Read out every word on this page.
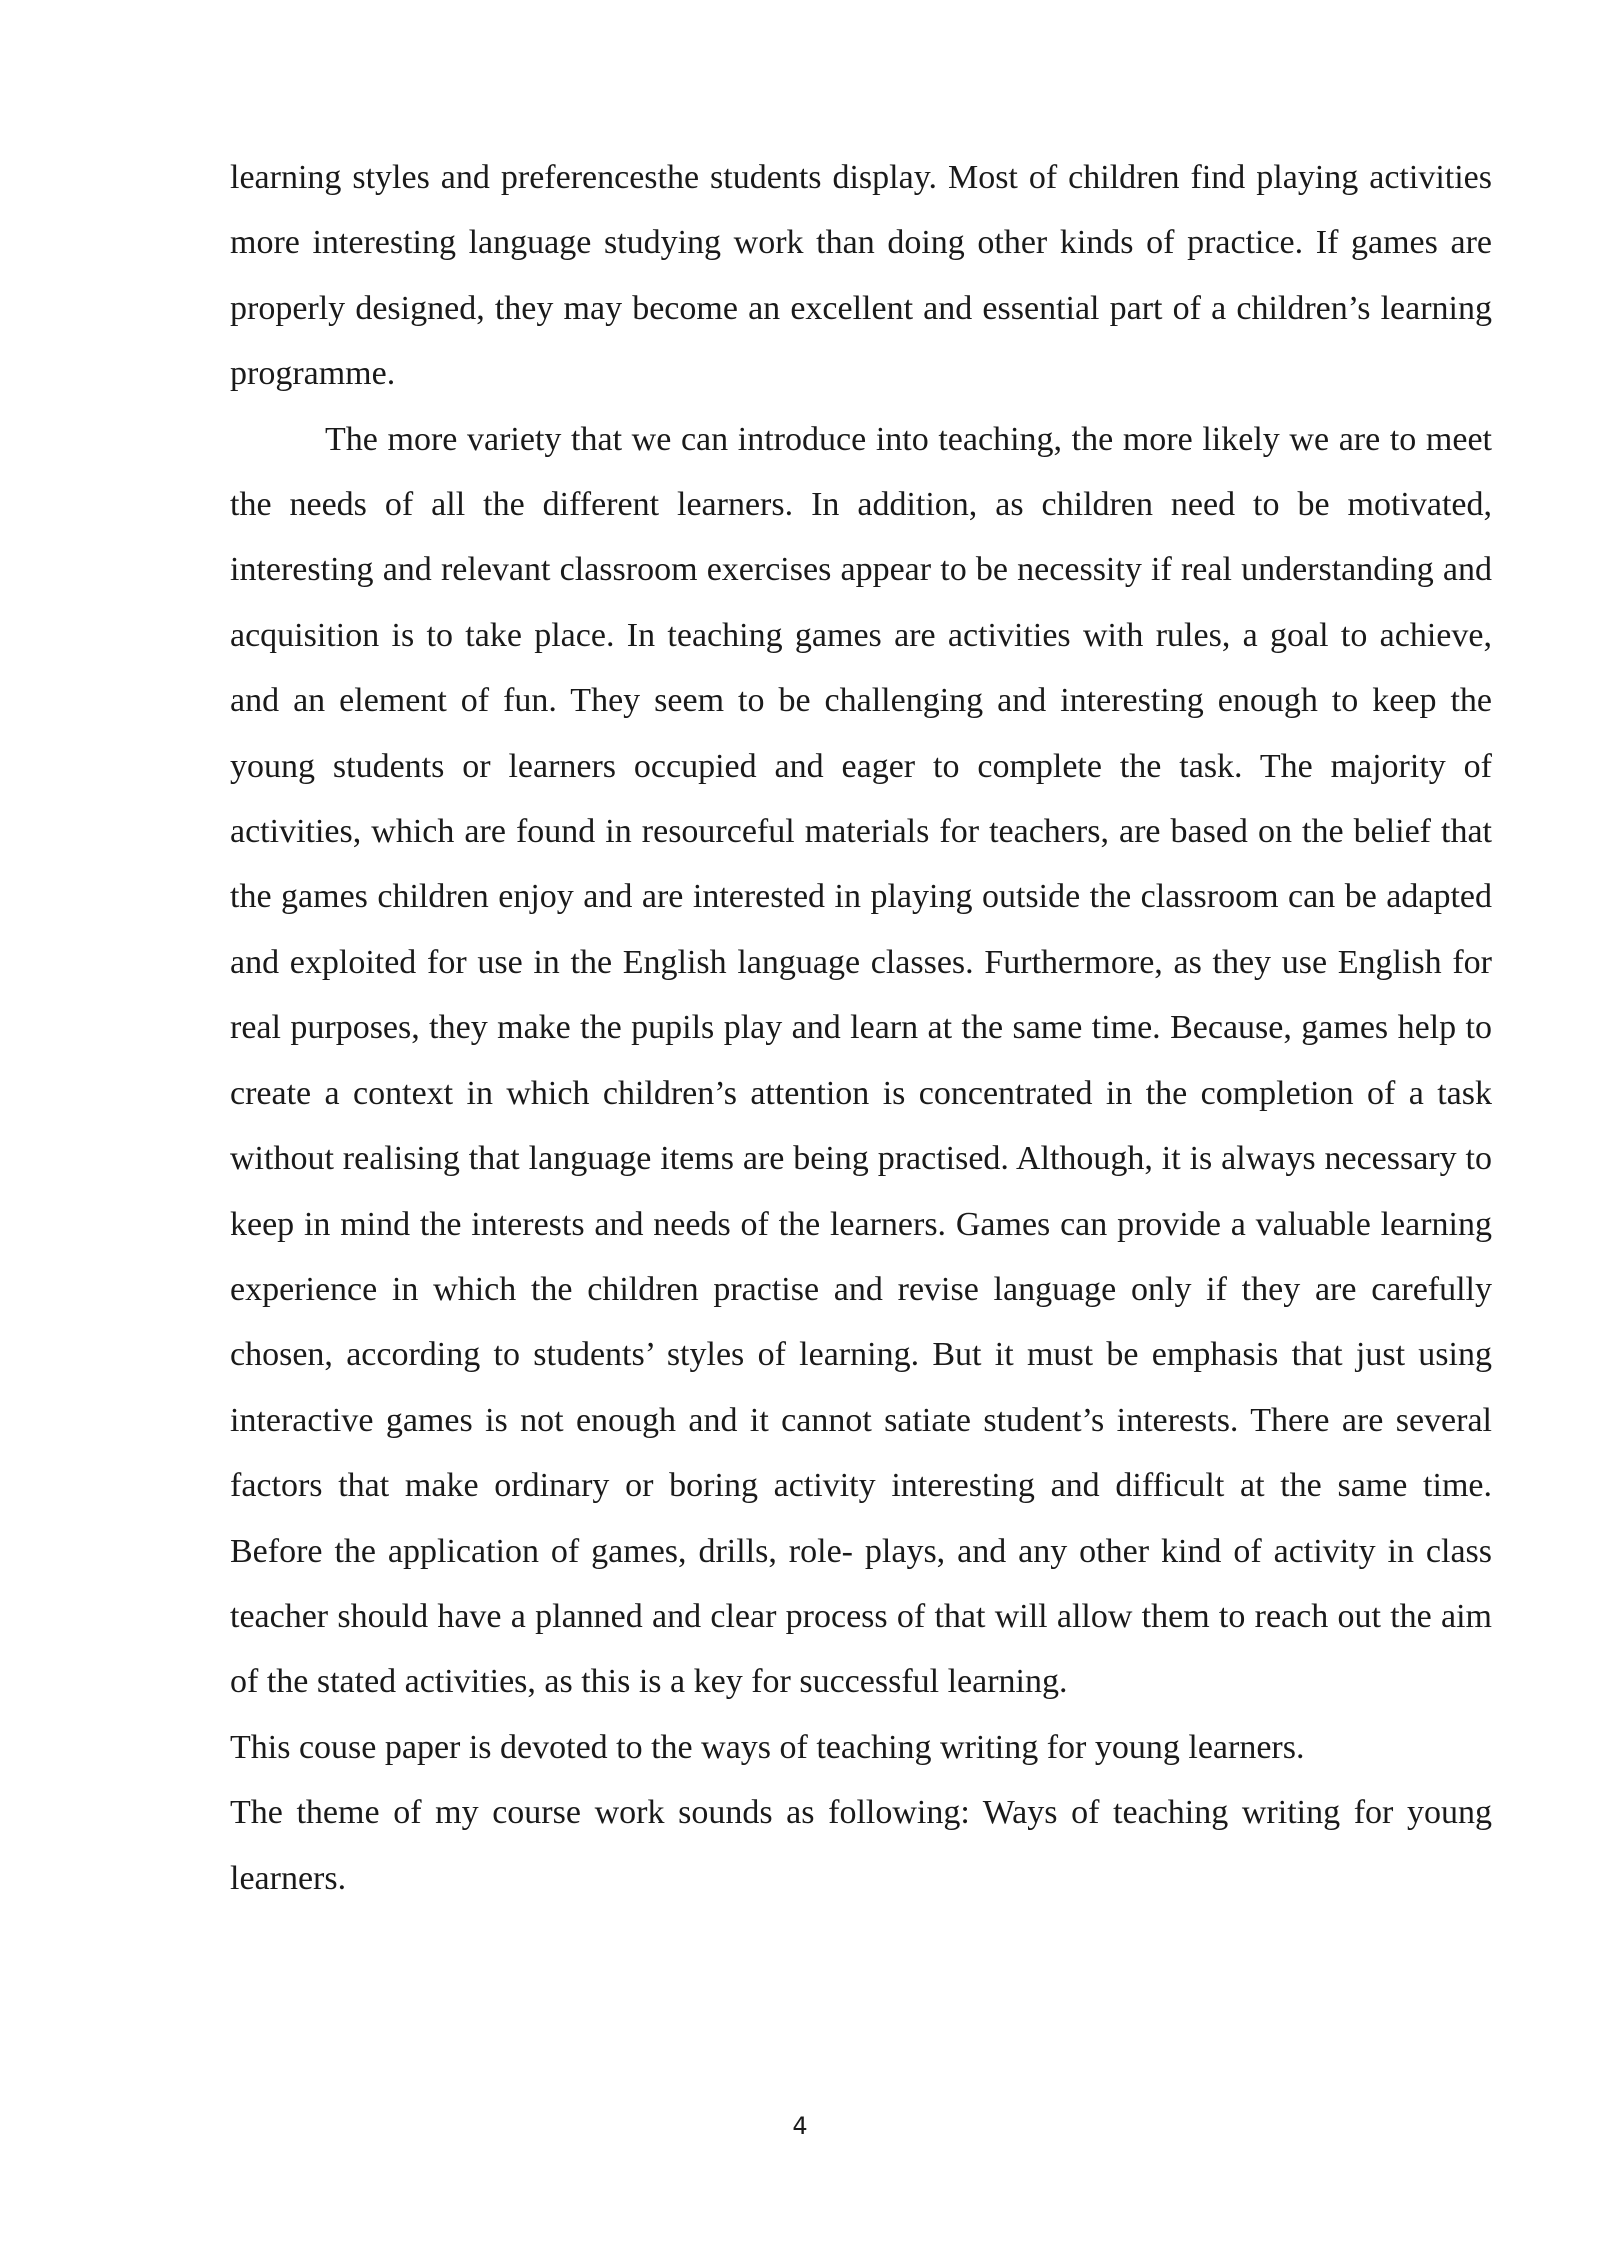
learning styles and preferencesthe students display. Most of children find playing activities more interesting language studying work than doing other kinds of practice. If games are properly designed, they may become an excellent and essential part of a children’s learning programme.

The more variety that we can introduce into teaching, the more likely we are to meet the needs of all the different learners. In addition, as children need to be motivated, interesting and relevant classroom exercises appear to be necessity if real understanding and acquisition is to take place. In teaching games are activities with rules, a goal to achieve, and an element of fun. They seem to be challenging and interesting enough to keep the young students or learners occupied and eager to complete the task. The majority of activities, which are found in resourceful materials for teachers, are based on the belief that the games children enjoy and are interested in playing outside the classroom can be adapted and exploited for use in the English language classes. Furthermore, as they use English for real purposes, they make the pupils play and learn at the same time. Because, games help to create a context in which children’s attention is concentrated in the completion of a task without realising that language items are being practised. Although, it is always necessary to keep in mind the interests and needs of the learners. Games can provide a valuable learning experience in which the children practise and revise language only if they are carefully chosen, according to students’ styles of learning. But it must be emphasis that just using interactive games is not enough and it cannot satiate student’s interests. There are several factors that make ordinary or boring activity interesting and difficult at the same time. Before the application of games, drills, role- plays, and any other kind of activity in class teacher should have a planned and clear process of that will allow them to reach out the aim of the stated activities, as this is a key for successful learning.

This couse paper is devoted to the ways of teaching writing for young learners.

The theme of my course work sounds as following: Ways of teaching writing for young learners.

4
